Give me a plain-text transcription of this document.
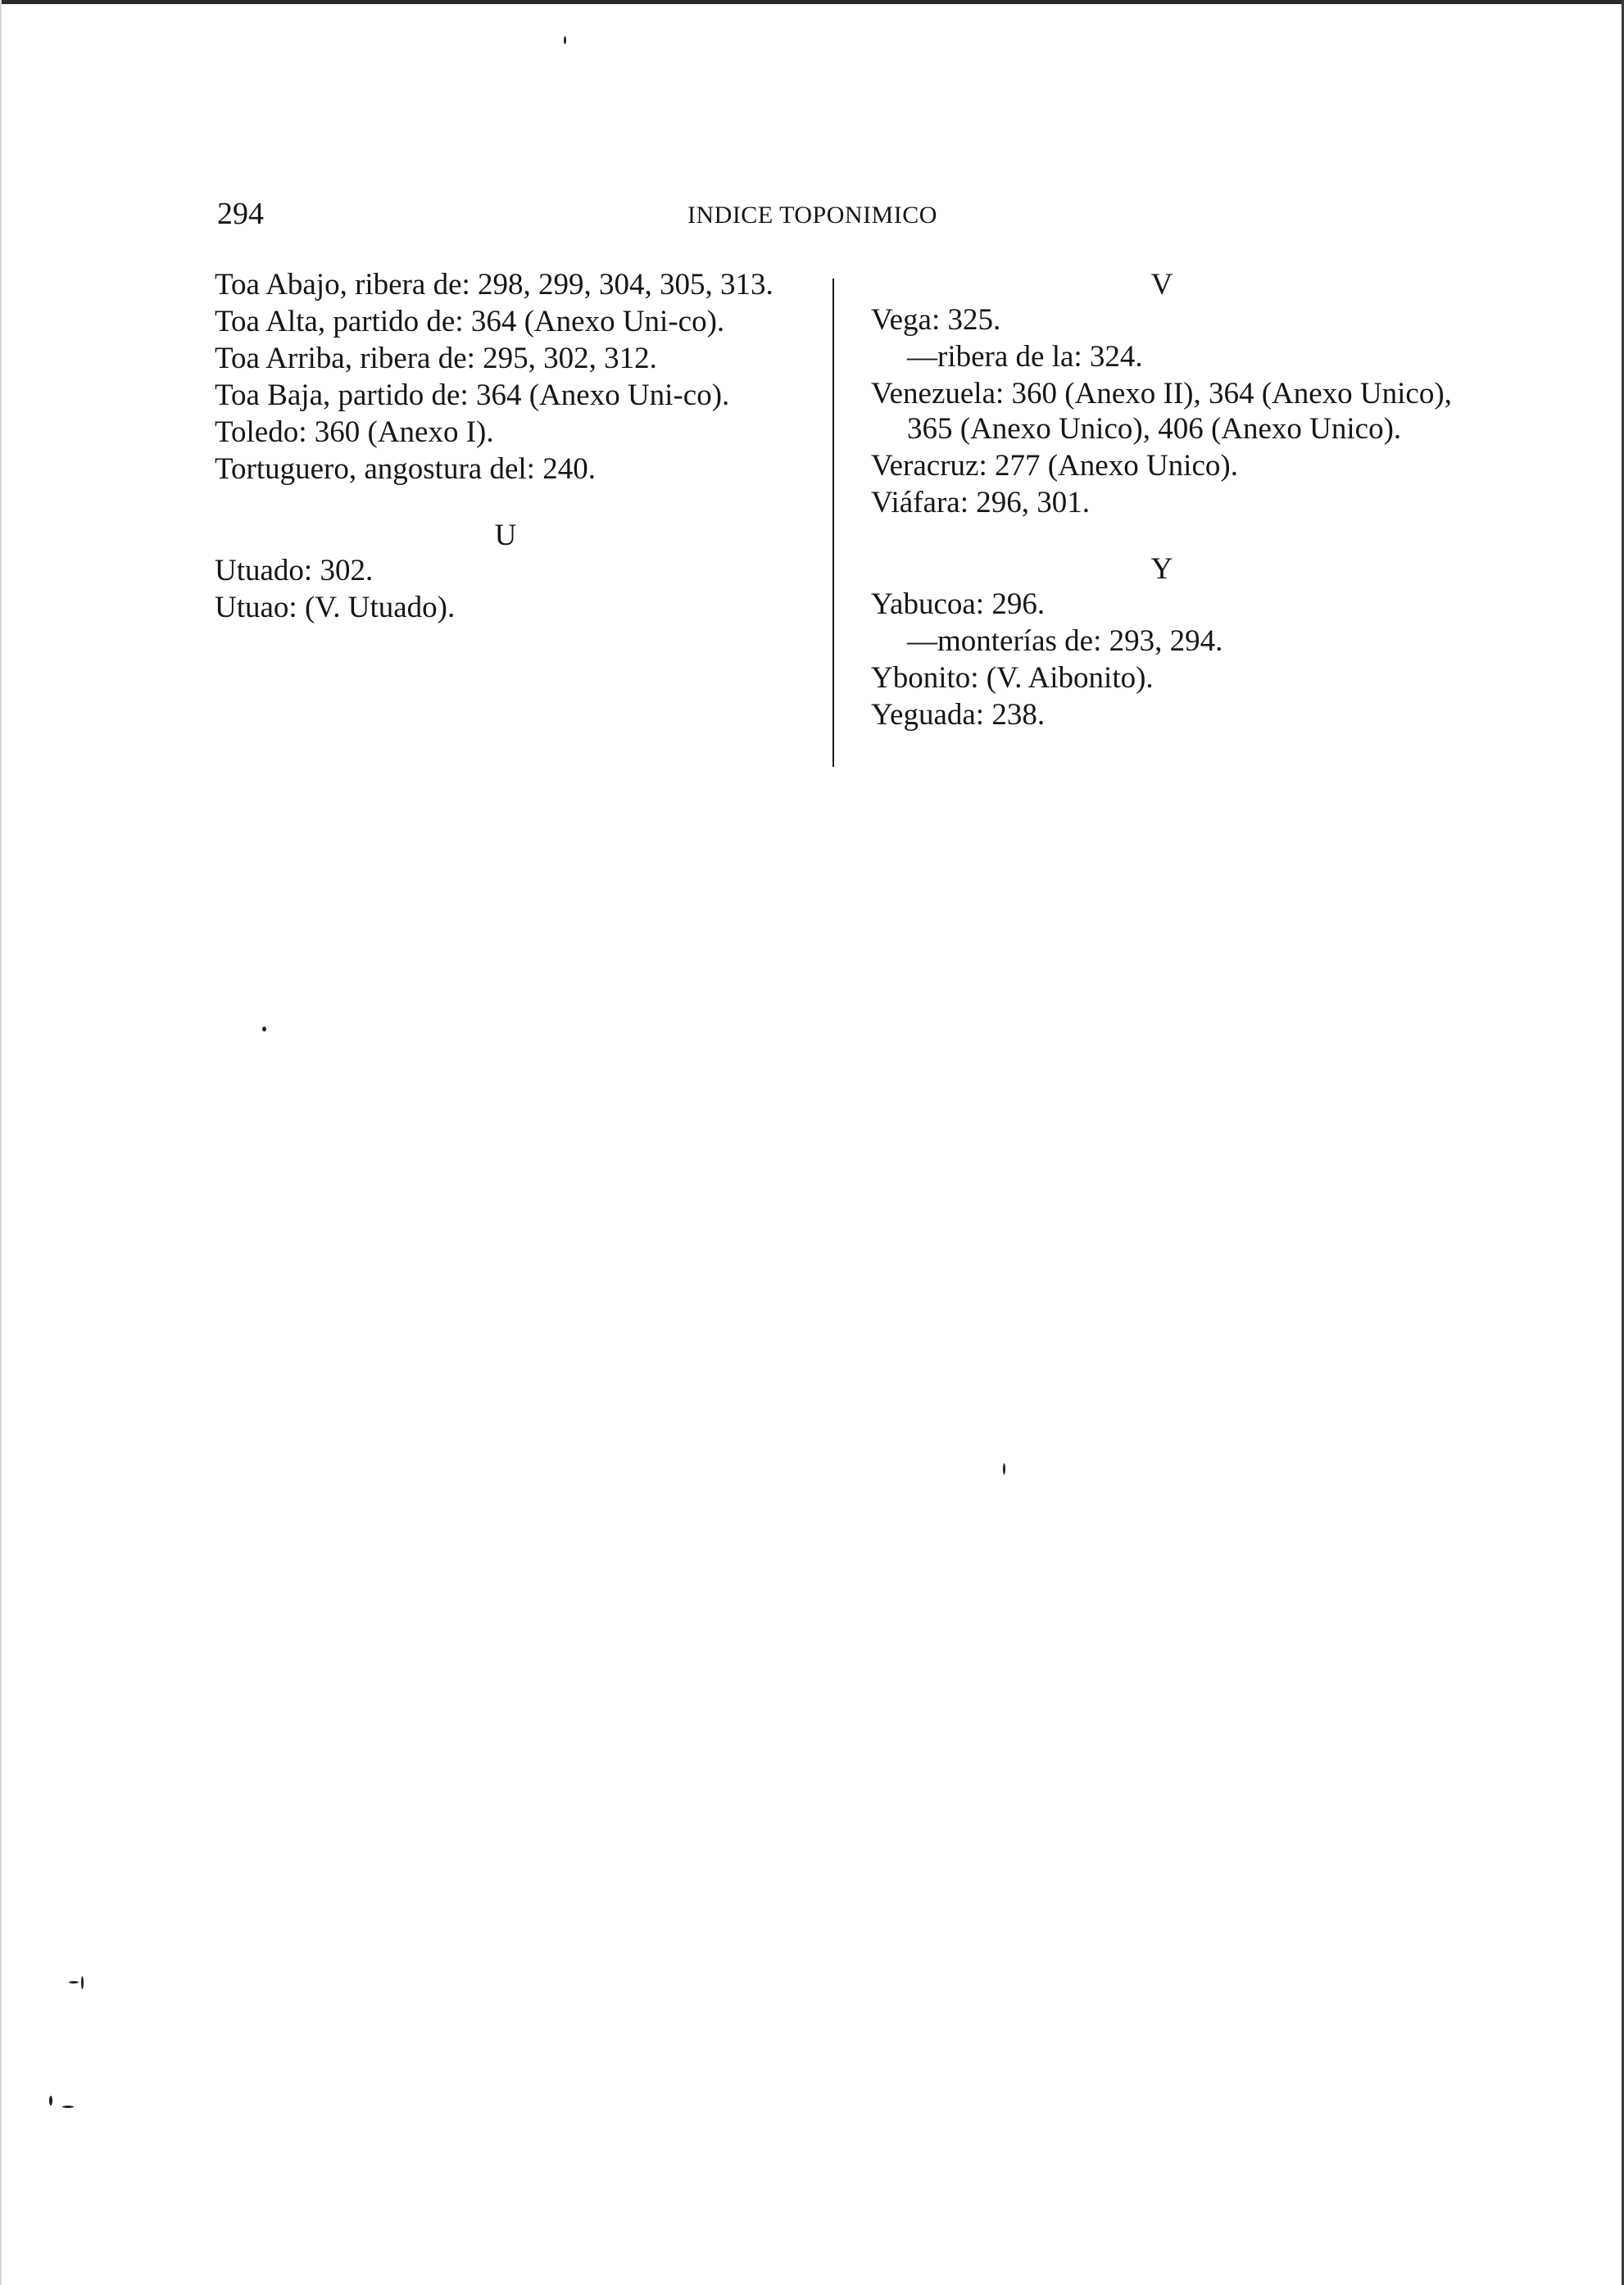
294	INDICE TOPONIMICO

Toa Abajo, ribera de: 298, 299, 304, 305, 313.

Toa Alta, partido de: 364 (Anexo Uni-co).

Toa Arriba, ribera de: 295, 302, 312.

Toa Baja, partido de: 364 (Anexo Uni-co).

Toledo: 360 (Anexo I).

Tortuguero, angostura del: 240.

U

Utuado: 302.

Utuao: (V. Utuado).

V

Vega: 325.

—ribera de la: 324.

Venezuela: 360 (Anexo II), 364 (Anexo Unico), 365 (Anexo Unico), 406 (Anexo Unico).

Veracruz: 277 (Anexo Unico).

Viáfara: 296, 301.

Y

Yabucoa: 296.

—monterías de: 293, 294.

Ybonito: (V. Aibonito).

Yeguada: 238.
